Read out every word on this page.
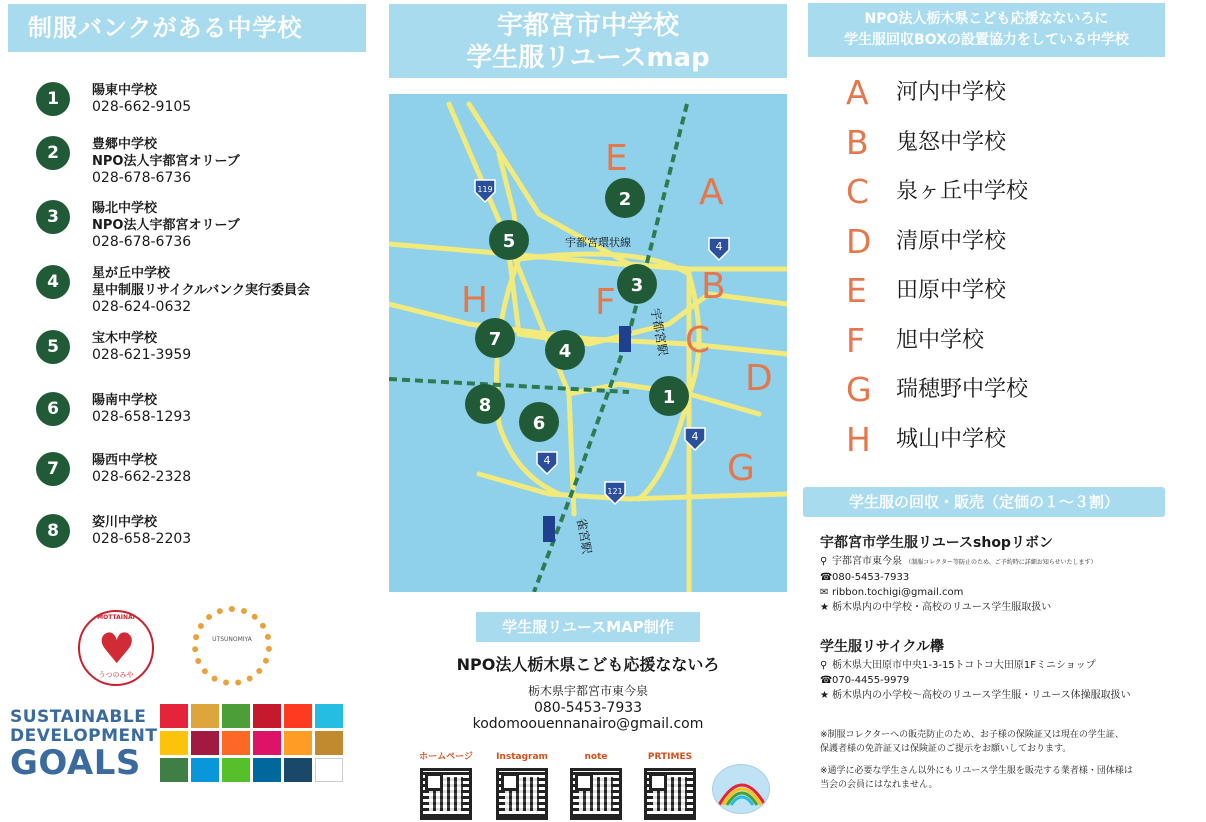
制服バンクがある中学校
1	陽東中学校
028-662-9105
2	豊郷中学校
NPO法人宇都宮オリーブ
028-678-6736
3	陽北中学校
NPO法人宇都宮オリーブ
028-678-6736
4	星が丘中学校
星中制服リサイクルバンク実行委員会
028-624-0632
5	宝木中学校
028-621-3959
6	陽南中学校
028-658-1293
7	陽西中学校
028-662-2328
8	姿川中学校
028-658-2203
宇都宮市中学校
学生服リユースmap
宇都宮駅
雀宮駅
宇都宮環状線
119
4
4
4
121
1
2
3
4
5
6
7
8
A
B
C
D
E
F
G
H
NPO法人栃木県こども応援なないろに
学生服回収BOXの設置協力をしている中学校
A	河内中学校
B	鬼怒中学校
C	泉ヶ丘中学校
D	清原中学校
E	田原中学校
F	旭中学校
G	瑞穂野中学校
H	城山中学校
学生服の回収・販売（定価の１～３割）
宇都宮市学生服リユースshopリボン
⚲ 宇都宮市東今泉 （制服コレクター等防止のため、ご予約時に詳細お知らせいたします）
☎080-5453-7933
✉ ribbon.tochigi@gmail.com
★ 栃木県内の中学校・高校のリユース学生服取扱い
学生服リサイクル欅
⚲ 栃木県大田原市中央1-3-15トコトコ大田原1Fミニショップ
☎070-4455-9979
★ 栃木県内の小学校～高校のリユース学生服・リユース体操服取扱い
※制服コレクターへの販売防止のため、お子様の保険証又は現在の学生証、
保護者様の免許証又は保険証のご提示をお願いしております。
※通学に必要な学生さん以外にもリユース学生服を販売する業者様・団体様は
当会の会員にはなれません。
学生服リユースMAP制作
NPO法人栃木県こども応援なないろ
栃木県宇都宮市東今泉
080-5453-7933
kodomoouennanairo@gmail.com
ホームページ	Instagram	note	PRTIMES
MOTTAINAI
♥
うつのみや
UTSUNOMIYA
SUSTAINABLE
DEVELOPMENT
GOALS
